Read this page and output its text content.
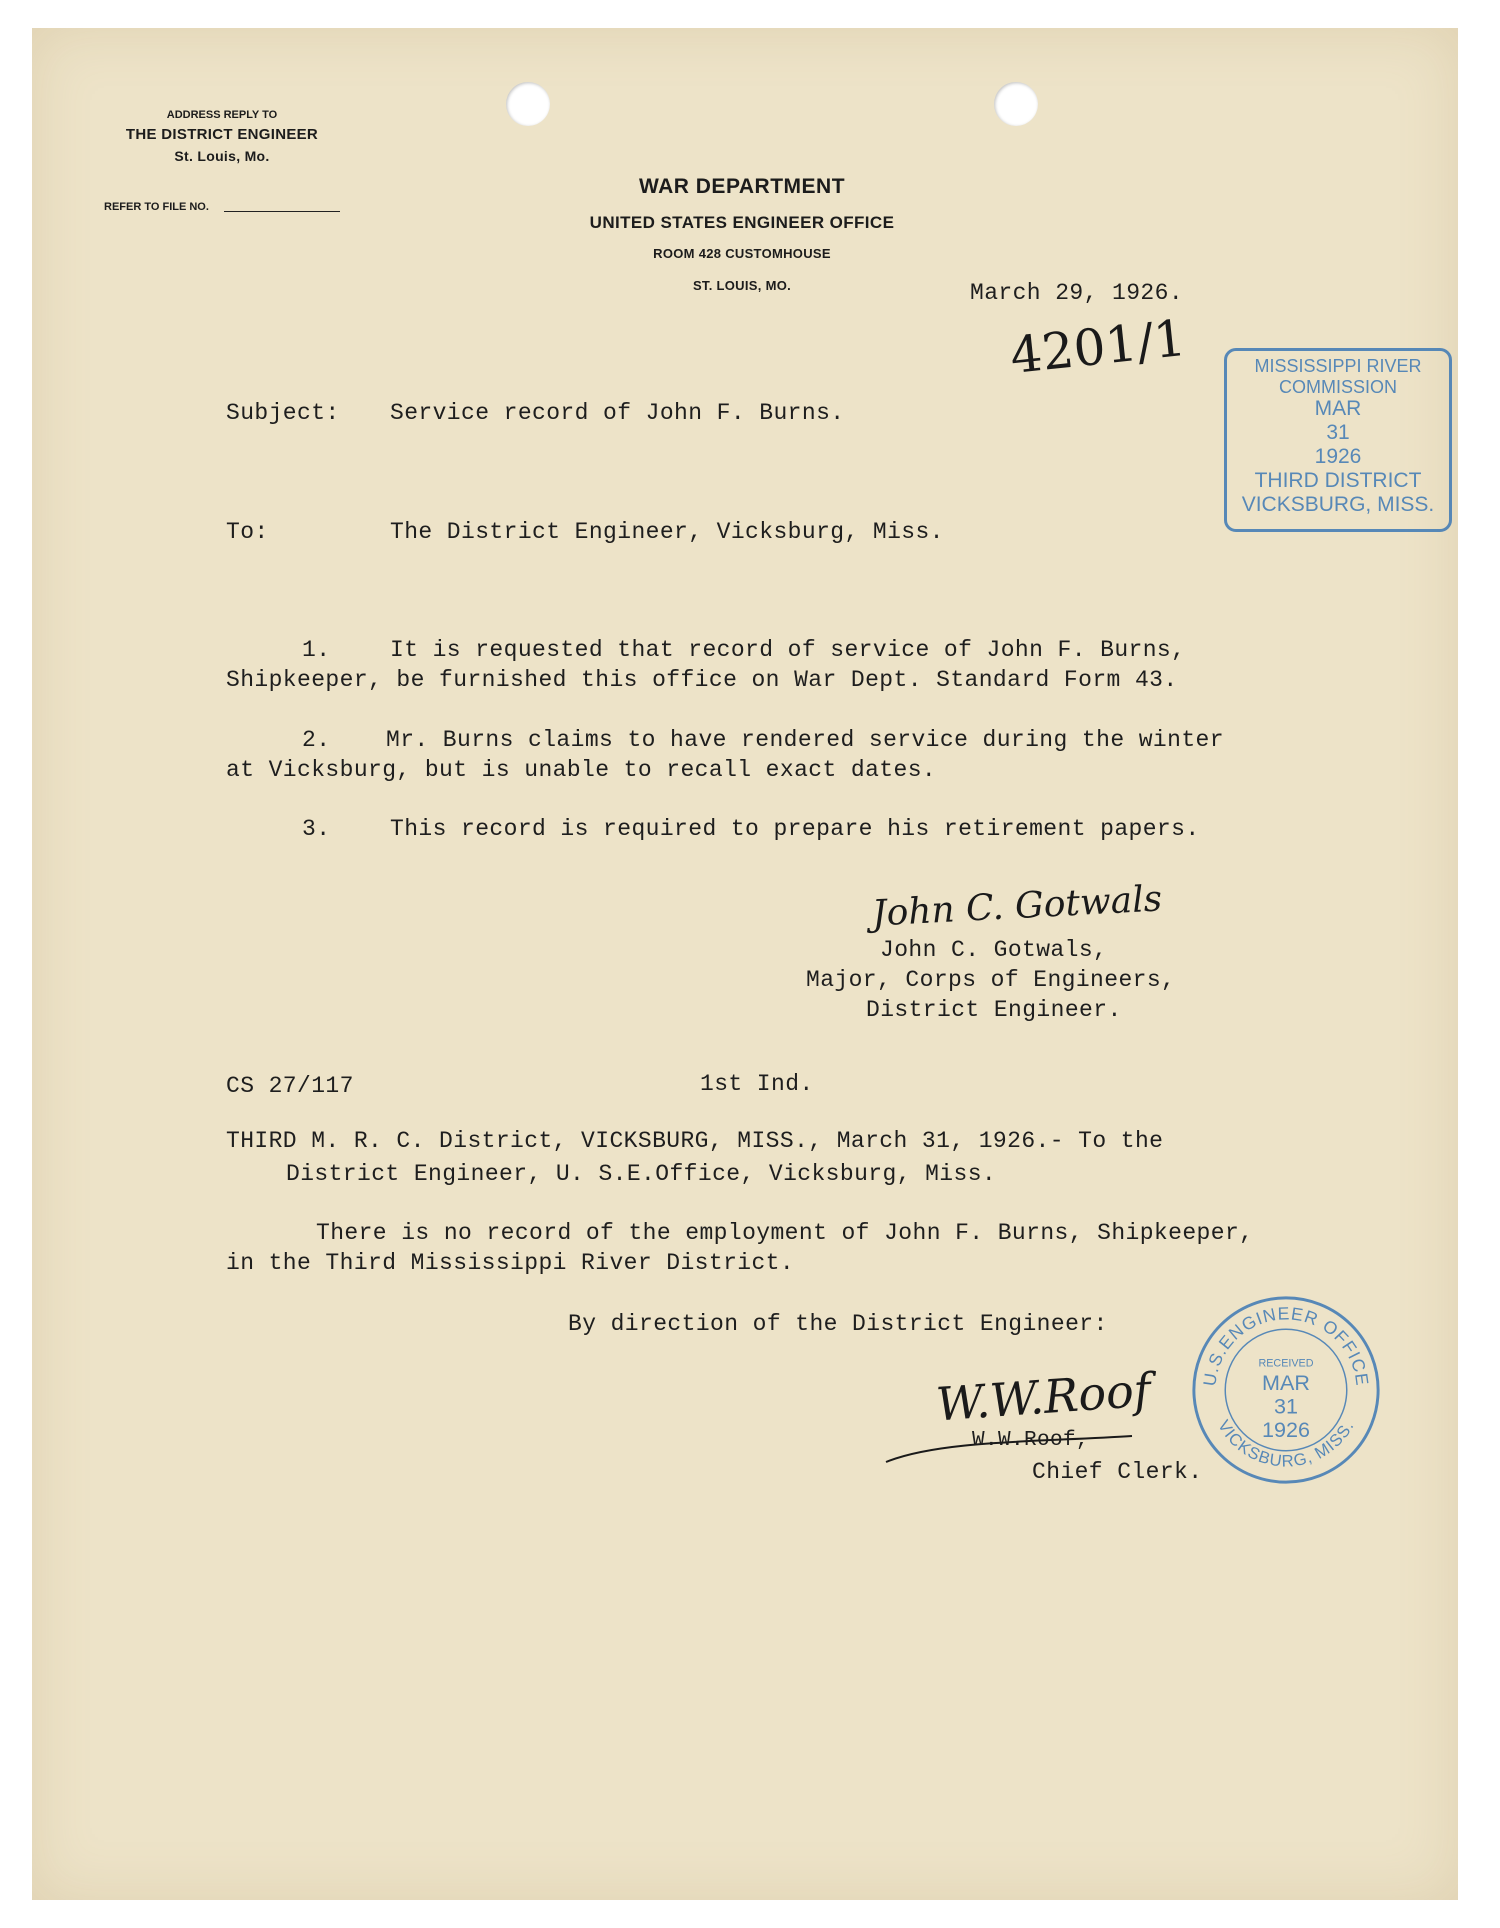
ADDRESS REPLY TO
THE DISTRICT ENGINEER
St. Louis, Mo.
REFER TO FILE NO.
WAR DEPARTMENT
UNITED STATES ENGINEER OFFICE
ROOM 428 CUSTOMHOUSE
ST. LOUIS, MO.	March 29, 1926.
4201/1	MISSISSIPPI RIVER
COMMISSION
MAR
31
1926
THIRD DISTRICT
VICKSBURG, MISS.
Subject: Service record of John F. Burns.
To:	The District Engineer, Vicksburg, Miss.
1.	It is requested that record of service of John F. Burns,
Shipkeeper, be furnished this office on War Dept. Standard Form 43.
2. Mr. Burns claims to have rendered service during the winter
at Vicksburg, but is unable to recall exact dates.
3.	This record is required to prepare his retirement papers.
John C. Gotwals
John C. Gotwals,
Major, Corps of Engineers,
District Engineer.
CS 27/117	1st Ind.
THIRD M. R. C. District, VICKSBURG, MISS., March 31, 1926.- To the
District Engineer, U. S.E.Office, Vicksburg, Miss.
There is no record of the employment of John F. Burns, Shipkeeper,
in the Third Mississippi River District.
By direction of the District Engineer:
W.W.Roof
W.W.Roof,
Chief Clerk.
U.S.ENGINEER OFFICE
VICKSBURG, MISS.
RECEIVED
MAR
31
1926
